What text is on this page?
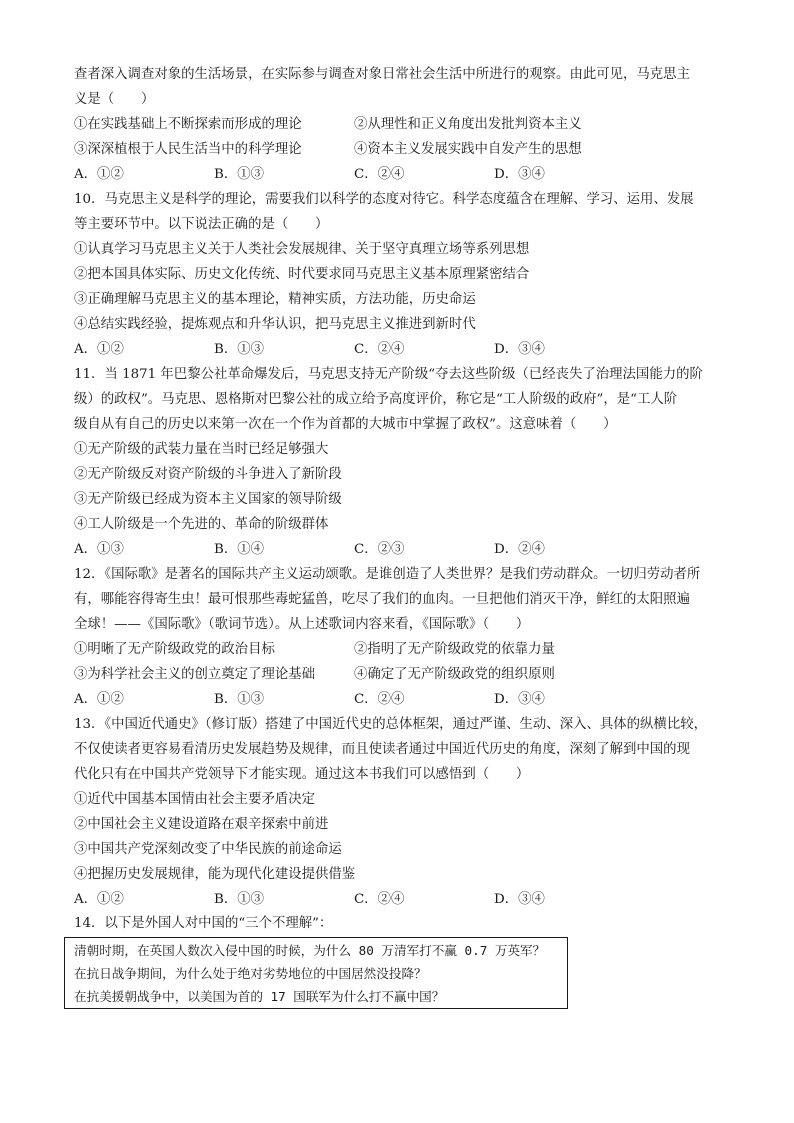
查者深入调查对象的生活场景，在实际参与调查对象日常社会生活中所进行的观察。由此可见，马克思主
义是（　　）
①在实践基础上不断探索而形成的理论	②从理性和正义角度出发批判资本主义
③深深植根于人民生活当中的科学理论	④资本主义发展实践中自发产生的思想
A．①②	B．①③	C．②④	D．③④
10．马克思主义是科学的理论，需要我们以科学的态度对待它。科学态度蕴含在理解、学习、运用、发展
等主要环节中。以下说法正确的是（　　）
①认真学习马克思主义关于人类社会发展规律、关于坚守真理立场等系列思想
②把本国具体实际、历史文化传统、时代要求同马克思主义基本原理紧密结合
③正确理解马克思主义的基本理论，精神实质，方法功能，历史命运
④总结实践经验，提炼观点和升华认识，把马克思主义推进到新时代
A．①②	B．①③	C．②④	D．③④
11．当 1871 年巴黎公社革命爆发后，马克思支持无产阶级“夺去这些阶级（已经丧失了治理法国能力的阶
级）的政权”。马克思、恩格斯对巴黎公社的成立给予高度评价，称它是“工人阶级的政府”，是“工人阶
级自从有自己的历史以来第一次在一个作为首都的大城市中掌握了政权”。这意味着（　　）
①无产阶级的武装力量在当时已经足够强大
②无产阶级反对资产阶级的斗争进入了新阶段
③无产阶级已经成为资本主义国家的领导阶级
④工人阶级是一个先进的、革命的阶级群体
A．①③	B．①④	C．②③	D．②④
12．《国际歌》是著名的国际共产主义运动颂歌。是谁创造了人类世界？是我们劳动群众。一切归劳动者所
有，哪能容得寄生虫！最可恨那些毒蛇猛兽，吃尽了我们的血肉。一旦把他们消灭干净，鲜红的太阳照遍
全球！——《国际歌》（歌词节选）。从上述歌词内容来看，《国际歌》（　　）
①明晰了无产阶级政党的政治目标	②指明了无产阶级政党的依靠力量
③为科学社会主义的创立奠定了理论基础	④确定了无产阶级政党的组织原则
A．①②	B．①③	C．②④	D．③④
13．《中国近代通史》（修订版）搭建了中国近代史的总体框架，通过严谨、生动、深入、具体的纵横比较，
不仅使读者更容易看清历史发展趋势及规律，而且使读者通过中国近代历史的角度，深刻了解到中国的现
代化只有在中国共产党领导下才能实现。通过这本书我们可以感悟到（　　）
①近代中国基本国情由社会主要矛盾决定
②中国社会主义建设道路在艰辛探索中前进
③中国共产党深刻改变了中华民族的前途命运
④把握历史发展规律，能为现代化建设提供借鉴
A．①②	B．①③	C．②④	D．③④
14．以下是外国人对中国的“三个不理解”：
清朝时期，在英国人数次入侵中国的时候，为什么 80 万清军打不赢 0.7 万英军？
在抗日战争期间，为什么处于绝对劣势地位的中国居然没投降？
在抗美援朝战争中，以美国为首的 17 国联军为什么打不赢中国？
